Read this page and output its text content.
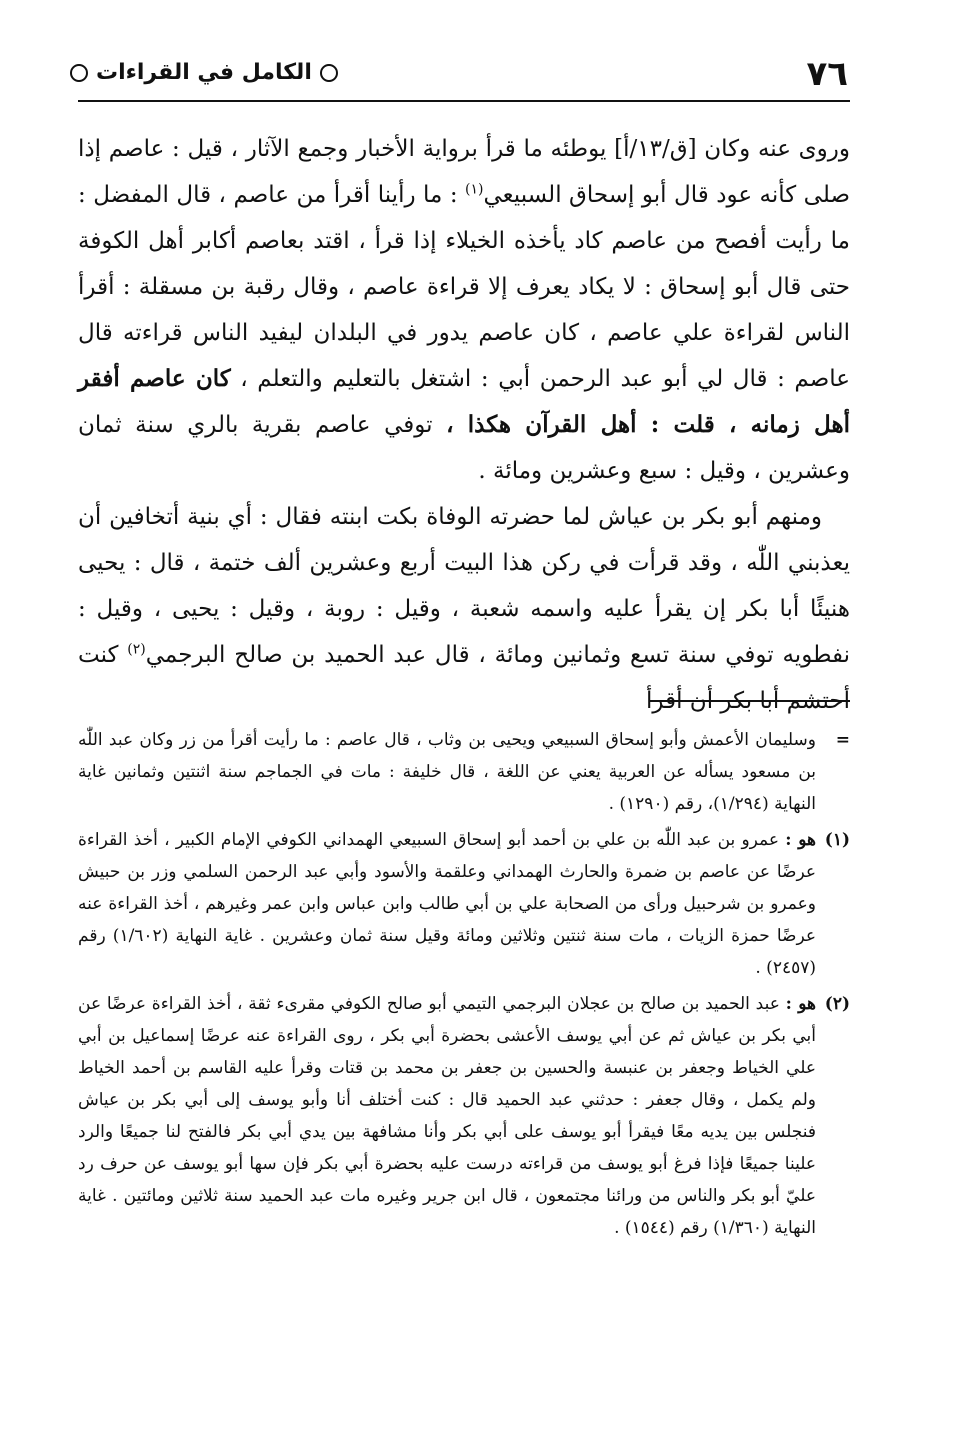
٧٦
الكامل في القراءات

وروى عنه وكان [ق/١٣/أ] يوطئه ما قرأ برواية الأخبار وجمع الآثار ، قيل : عاصم إذا صلى كأنه عود قال أبو إسحاق السبيعي$^{(١)}$ : ما رأينا أقرأ من عاصم ، قال المفضل : ما رأيت أفصح من عاصم كاد يأخذه الخيلاء إذا قرأ ، اقتد بعاصم أكابر أهل الكوفة حتى قال أبو إسحاق : لا يكاد يعرف إلا قراءة عاصم ، وقال رقبة بن مسقلة : أقرأ الناس لقراءة علي عاصم ، كان عاصم يدور في البلدان ليفيد الناس قراءته قال عاصم : قال لي أبو عبد الرحمن أبي : اشتغل بالتعليم والتعلم ، كان عاصم أفقر أهل زمانه ، قلت : أهل القرآن هكذا ، توفي عاصم بقرية بالري سنة ثمان وعشرين ، وقيل : سبع وعشرين ومائة .

ومنهم أبو بكر بن عياش لما حضرته الوفاة بكت ابنته فقال : أي بنية أتخافين أن يعذبني اللّٰه ، وقد قرأت في ركن هذا البيت أربع وعشرين ألف ختمة ، قال : يحيى هنيئًا أبا بكر إن يقرأ عليه واسمه شعبة ، وقيل : روبة ، وقيل : يحيى ، وقيل : نفطويه توفي سنة تسع وثمانين ومائة ، قال عبد الحميد بن صالح البرجمي$^{(٢)}$ كنت أحتشم أبا بكر أن أقرأ

=
وسليمان الأعمش وأبو إسحاق السبيعي ويحيى بن وثاب ، قال عاصم : ما رأيت أقرأ من زر وكان عبد اللّٰه بن مسعود يسأله عن العربية يعني عن اللغة ، قال خليفة : مات في الجماجم سنة اثنتين وثمانين غاية النهاية (١/٢٩٤)، رقم (١٢٩٠) .
(١)
هو : عمرو بن عبد اللّٰه بن علي بن أحمد أبو إسحاق السبيعي الهمداني الكوفي الإمام الكبير ، أخذ القراءة عرضًا عن عاصم بن ضمرة والحارث الهمداني وعلقمة والأسود وأبي عبد الرحمن السلمي وزر بن حبيش وعمرو بن شرحبيل ورأى من الصحابة علي بن أبي طالب وابن عباس وابن عمر وغيرهم ، أخذ القراءة عنه عرضًا حمزة الزيات ، مات سنة ثنتين وثلاثين ومائة وقيل سنة ثمان وعشرين . غاية النهاية (١/٦٠٢) رقم (٢٤٥٧) .
(٢)
هو : عبد الحميد بن صالح بن عجلان البرجمي التيمي أبو صالح الكوفي مقرىء ثقة ، أخذ القراءة عرضًا عن أبي بكر بن عياش ثم عن أبي يوسف الأعشى بحضرة أبي بكر ، روى القراءة عنه عرضًا إسماعيل بن أبي علي الخياط وجعفر بن عنبسة والحسين بن جعفر بن محمد بن قتات وقرأ عليه القاسم بن أحمد الخياط ولم يكمل ، وقال جعفر : حدثني عبد الحميد قال : كنت أختلف أنا وأبو يوسف إلى أبي بكر بن عياش فنجلس بين يديه معًا فيقرأ أبو يوسف على أبي بكر وأنا مشافهة بين يدي أبي بكر فالفتح لنا جميعًا والرد علينا جميعًا فإذا فرغ أبو يوسف من قراءته درست عليه بحضرة أبي بكر فإن سها أبو يوسف عن حرف رد عليّ أبو بكر والناس من ورائنا مجتمعون ، قال ابن جرير وغيره مات عبد الحميد سنة ثلاثين ومائتين . غاية النهاية (١/٣٦٠) رقم (١٥٤٤) .
